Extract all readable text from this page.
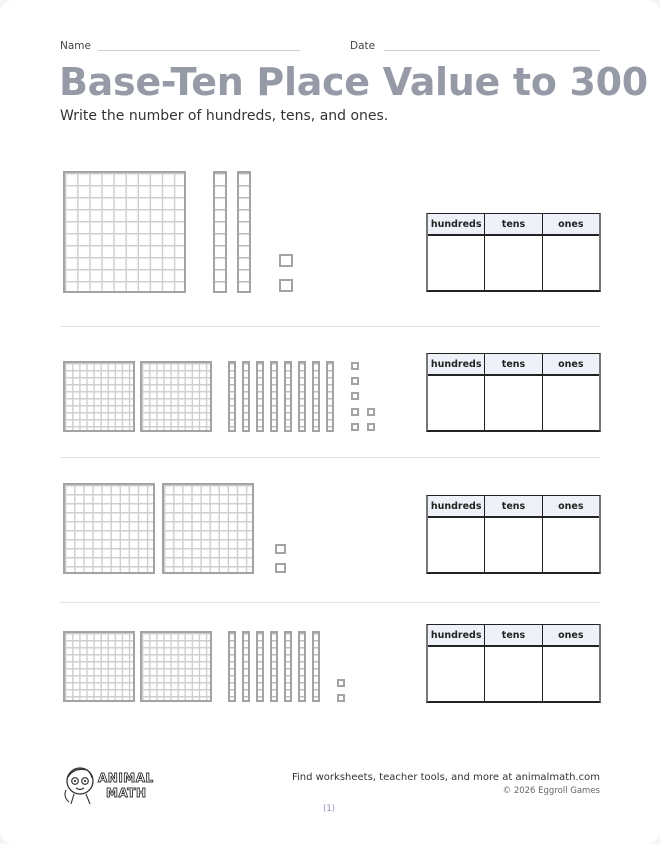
Name	Date
Base-Ten Place Value to 300
Write the number of hundreds, tens, and ones.
hundreds	tens	ones
hundreds	tens	ones
hundreds	tens	ones
hundreds	tens	ones
ANIMAL
MATH
Find worksheets, teacher tools, and more at animalmath.com
© 2026 Eggroll Games
(1)
